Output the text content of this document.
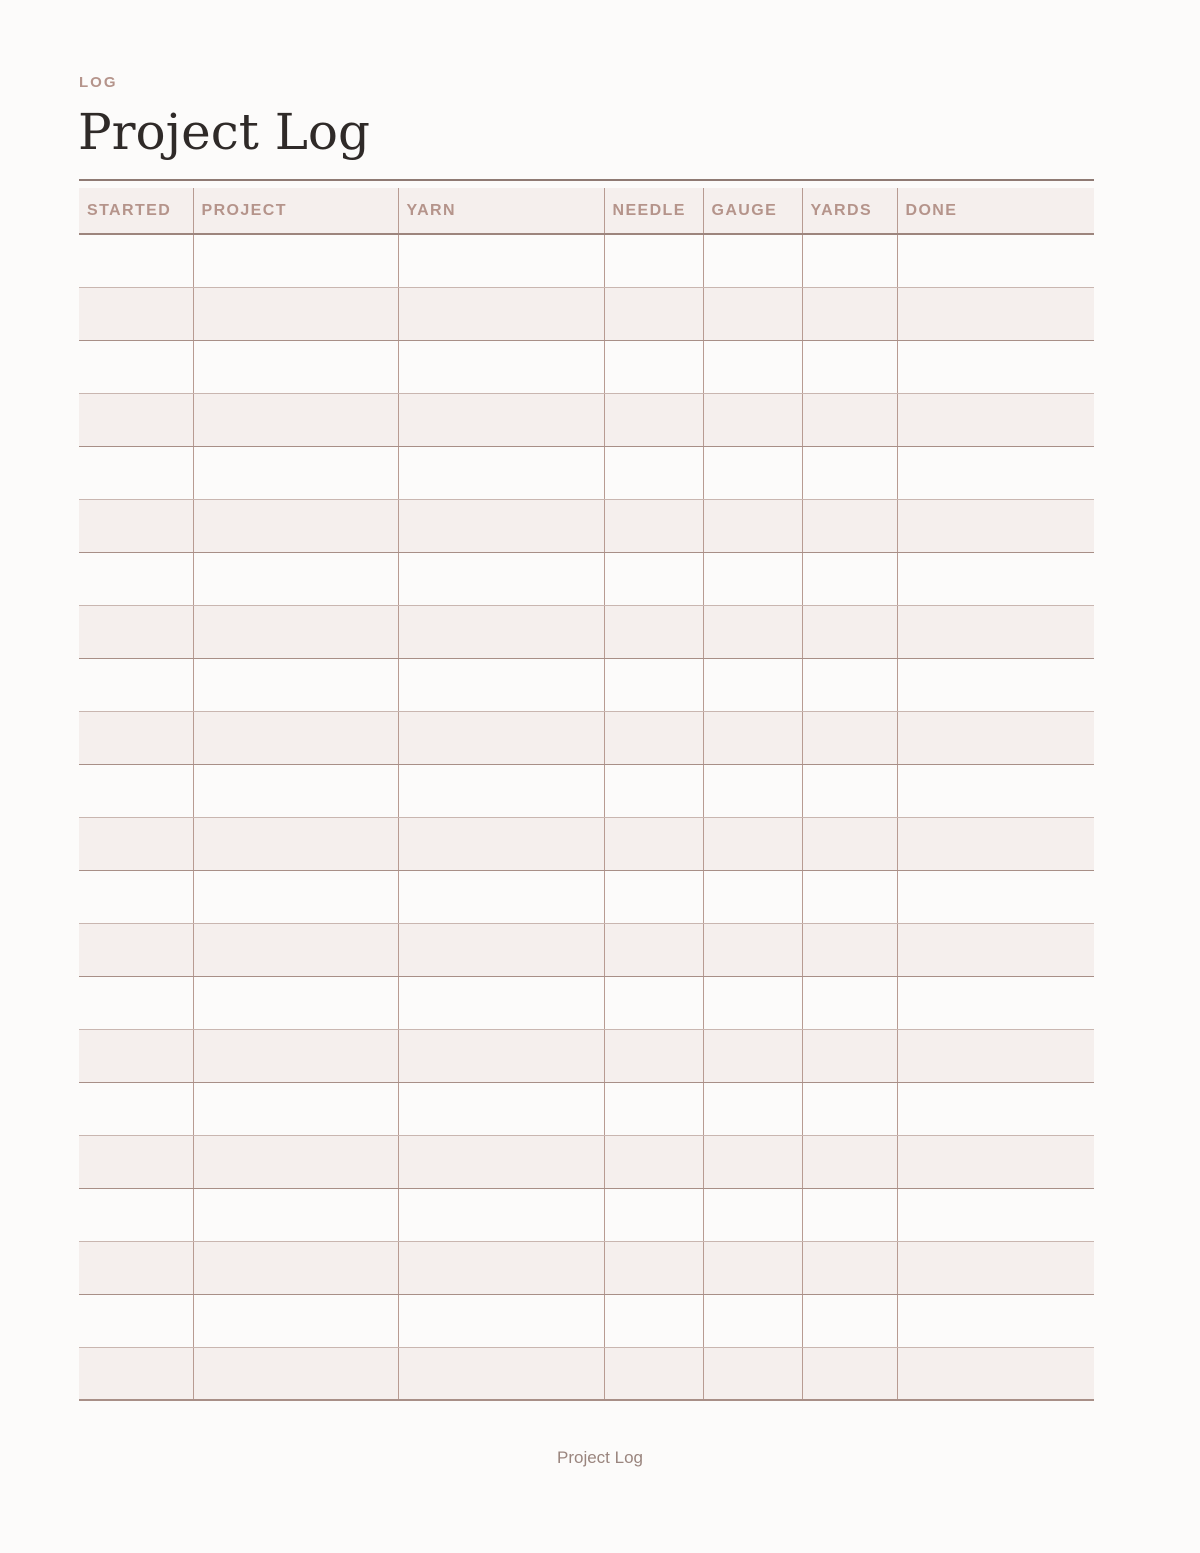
LOG
Project Log
STARTED	PROJECT	YARN	NEEDLE	GAUGE	YARDS	DONE

Project Log
